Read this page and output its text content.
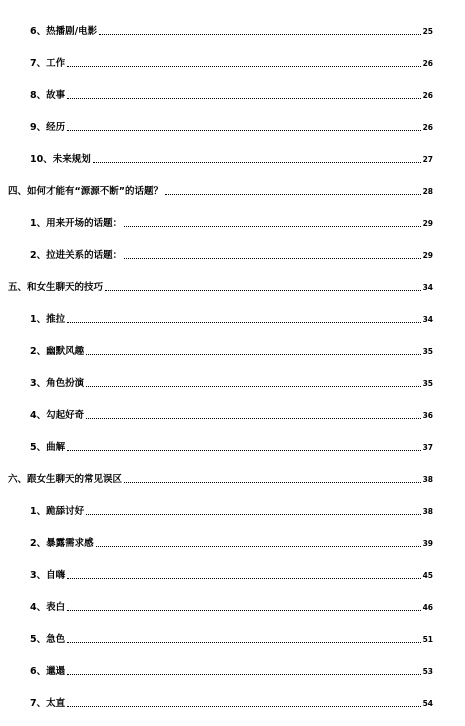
6、热播剧/电影	25
7、工作	26
8、故事	26
9、经历	26
10、未来规划	27
四、如何才能有“源源不断”的话题？	28
1、用来开场的话题：	29
2、拉进关系的话题：	29
五、和女生聊天的技巧	34
1、推拉	34
2、幽默风趣	35
3、角色扮演	35
4、勾起好奇	36
5、曲解	37
六、跟女生聊天的常见误区	38
1、跪舔讨好	38
2、暴露需求感	39
3、自嗨	45
4、表白	46
5、急色	51
6、邋遢	53
7、太直	54
